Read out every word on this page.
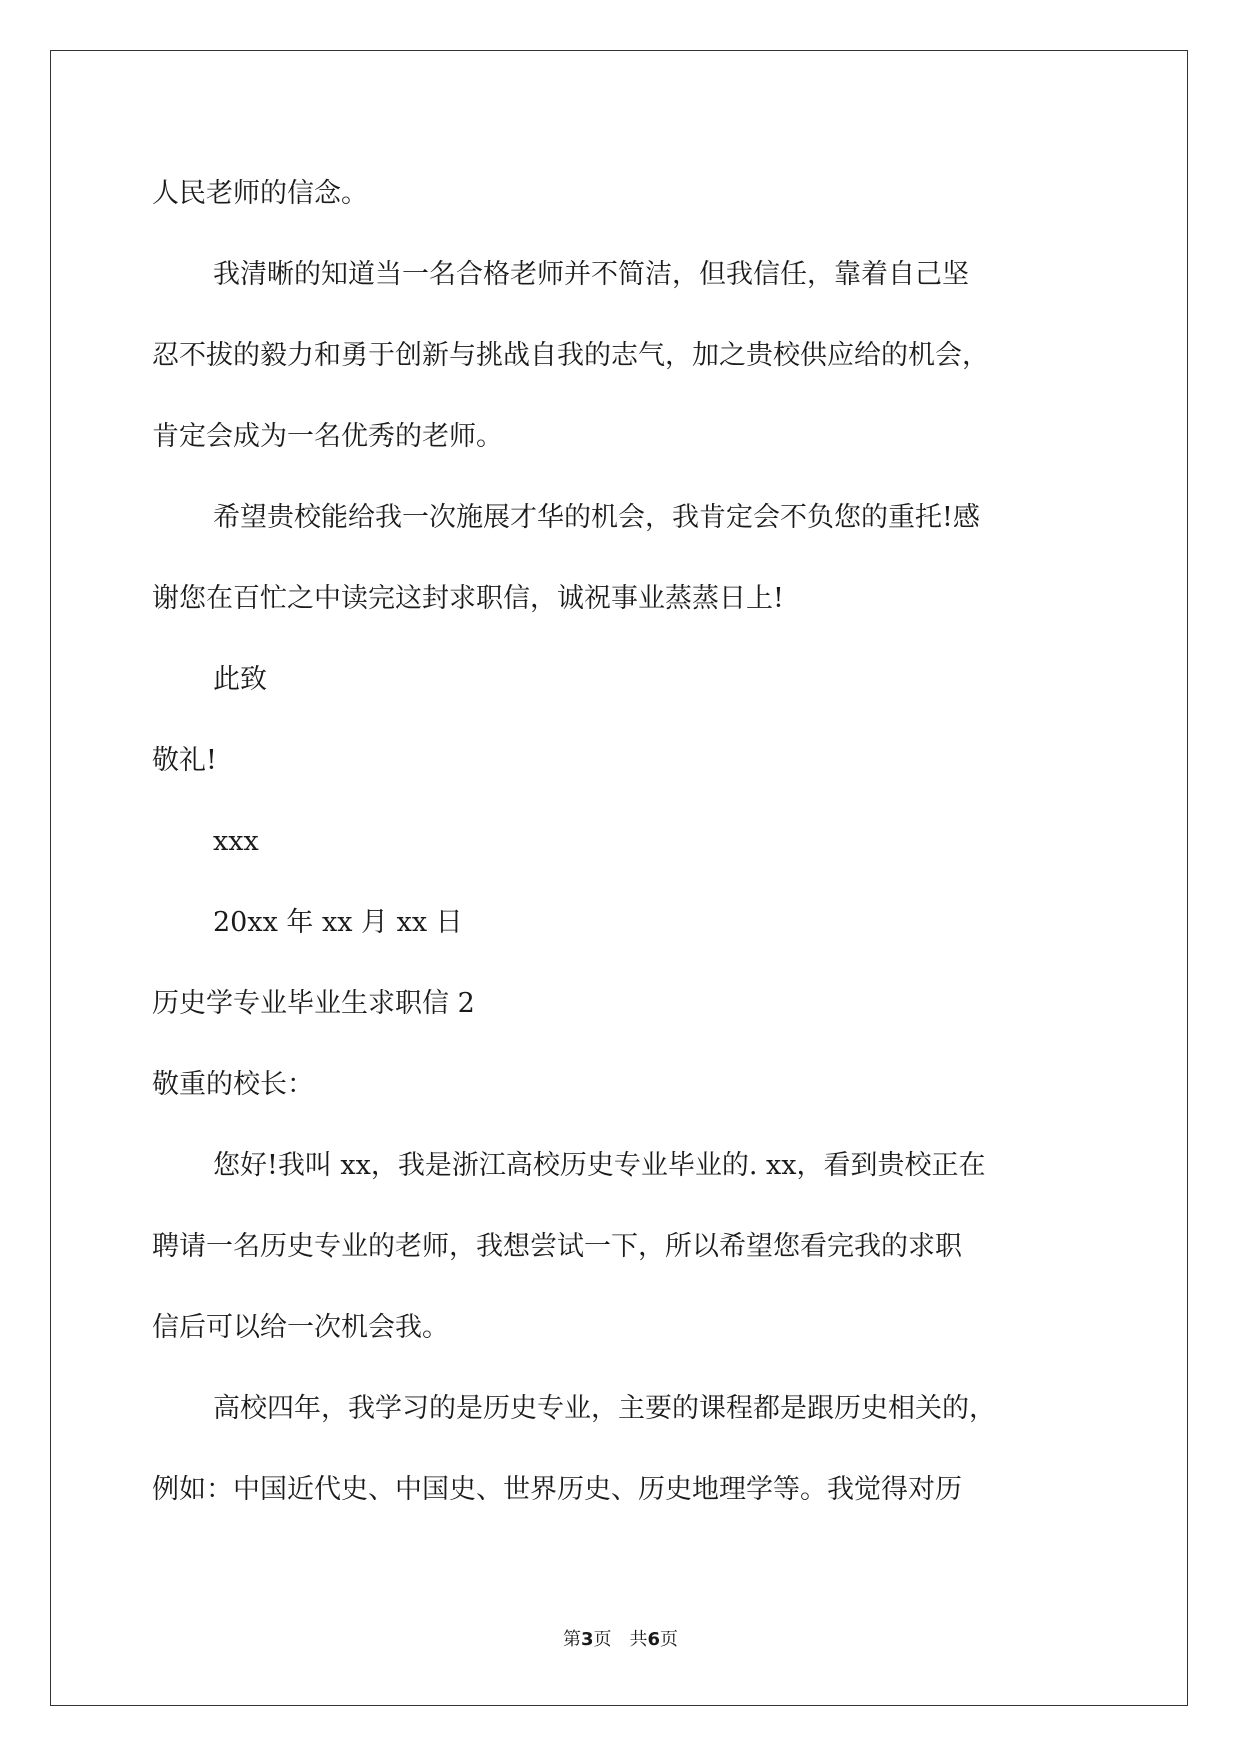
人民老师的信念。

我清晰的知道当一名合格老师并不简洁，但我信任，靠着自己坚

忍不拔的毅力和勇于创新与挑战自我的志气，加之贵校供应给的机会，

肯定会成为一名优秀的老师。

希望贵校能给我一次施展才华的机会，我肯定会不负您的重托!感

谢您在百忙之中读完这封求职信，诚祝事业蒸蒸日上!

此致

敬礼!

xxx

20xx 年 xx 月 xx 日

历史学专业毕业生求职信 2

敬重的校长：

您好!我叫 xx，我是浙江高校历史专业毕业的. xx，看到贵校正在

聘请一名历史专业的老师，我想尝试一下，所以希望您看完我的求职

信后可以给一次机会我。

高校四年，我学习的是历史专业，主要的课程都是跟历史相关的，

例如：中国近代史、中国史、世界历史、历史地理学等。我觉得对历

第3页　共6页
